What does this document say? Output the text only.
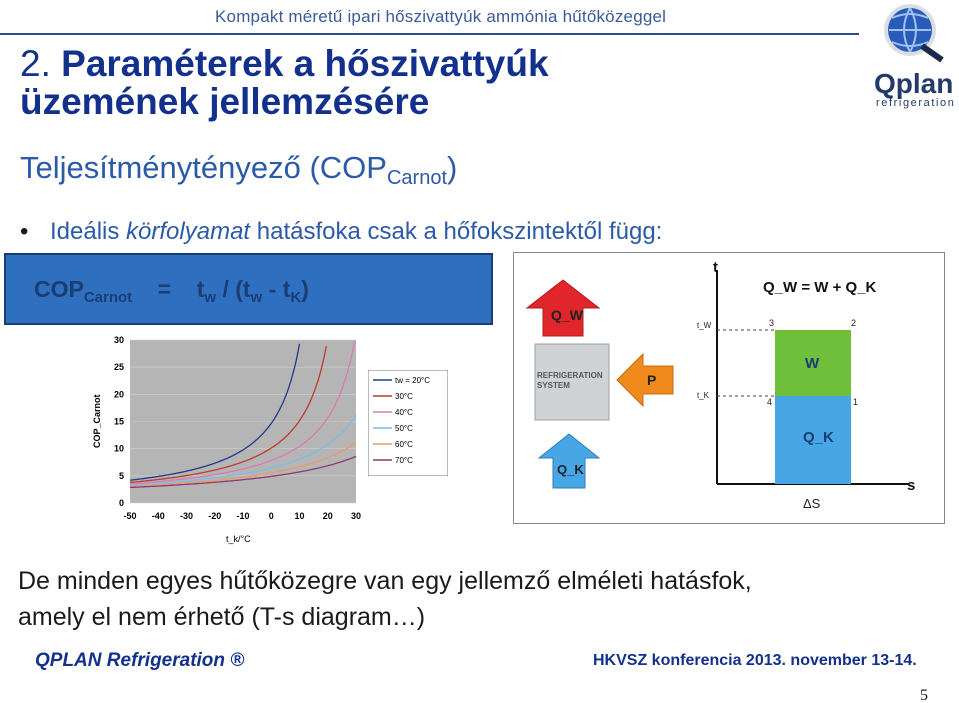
Kompakt méretű ipari hőszivattyúk ammónia hűtőközeggel
Qplan
refrigeration
2. Paraméterek a hőszivattyúk
üzemének jellemzésére
Teljesítménytényező $(COP_{Carnot})$
• Ideális körfolyamat hatásfoka csak a hőfokszintektől függ:
$COP_{Carnot} = t_w / (t_w - t_K)$
0
5
10
15
20
25
30
-50 -40 -30 -20 -10 0 10 20 30
COP_Carnot
t_k/°C
tw = 20°C
30°C
40°C
50°C
60°C
70°C
Q_W
REFRIGERATION
SYSTEM	P
Q_K
t
s
Q_W = W + Q_K
W
Q_K
t_W
t_K
3	2
4	1
ΔS
De minden egyes hűtőközegre van egy jellemző elméleti hatásfok,
amely el nem érhető (T-s diagram…)
QPLAN Refrigeration ®	HKVSZ konferencia 2013. november 13-14.
5
